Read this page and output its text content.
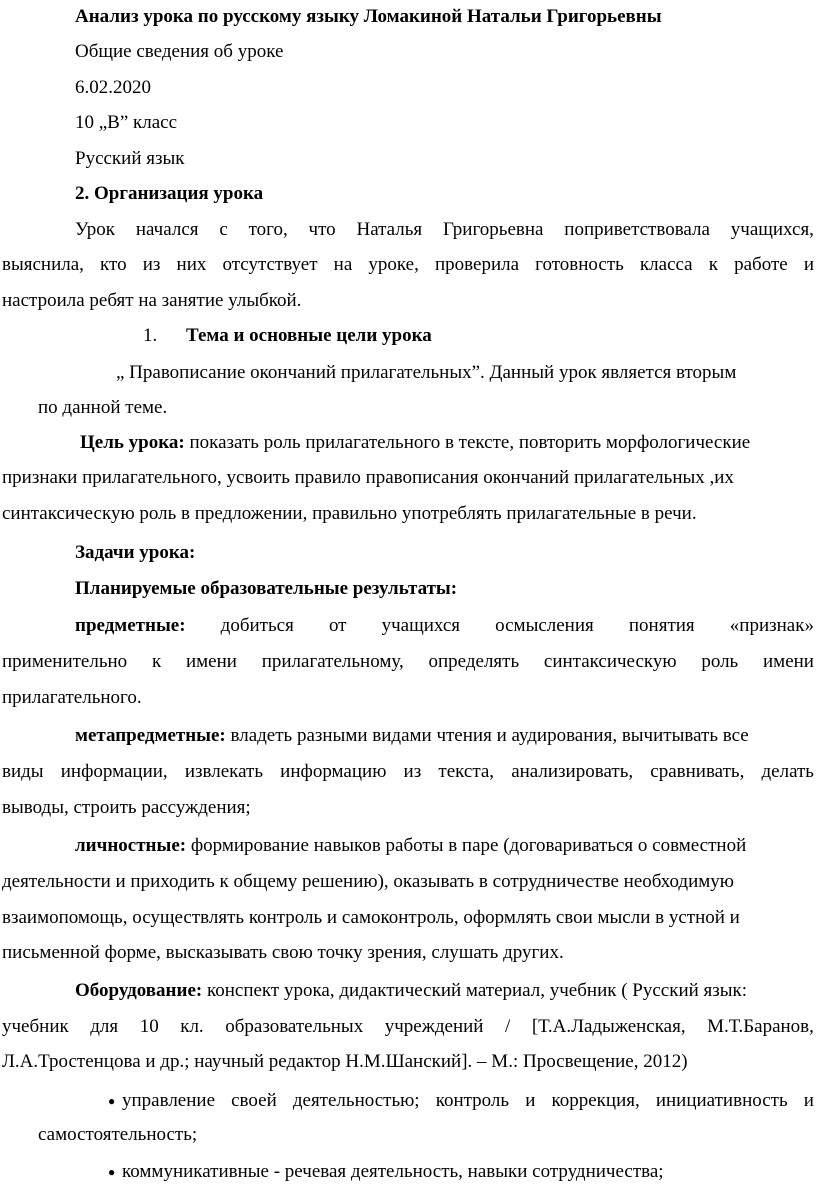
Анализ урока по русскому языку Ломакиной Натальи Григорьевны
Общие сведения об уроке
6.02.2020
10 „В” класс
Русский язык
2. Организация урока
Урок начался с того, что Наталья Григорьевна поприветствовала учащихся,
выяснила, кто из них отсутствует на уроке, проверила готовность класса к работе и
настроила ребят на занятие улыбкой.
1. Тема и основные цели урока
„ Правописание окончаний прилагательных”. Данный урок является вторым
по данной теме.
Цель урока: показать роль прилагательного в тексте, повторить морфологические
признаки прилагательного, усвоить правило правописания окончаний прилагательных ,их
синтаксическую роль в предложении, правильно употреблять прилагательные в речи.
Задачи урока:
Планируемые образовательные результаты:
предметные: добиться от учащихся осмысления понятия «признак»
применительно к имени прилагательному, определять синтаксическую роль имени
прилагательного.
метапредметные: владеть разными видами чтения и аудирования, вычитывать все
виды информации, извлекать информацию из текста, анализировать, сравнивать, делать
выводы, строить рассуждения;
личностные: формирование навыков работы в паре (договариваться о совместной
деятельности и приходить к общему решению), оказывать в сотрудничестве необходимую
взаимопомощь, осуществлять контроль и самоконтроль, оформлять свои мысли в устной и
письменной форме, высказывать свою точку зрения, слушать других.
Оборудование: конспект урока, дидактический материал, учебник ( Русский язык:
учебник для 10 кл. образовательных учреждений / [Т.А.Ладыженская, М.Т.Баранов,
Л.А.Тростенцова и др.; научный редактор Н.М.Шанский]. – М.: Просвещение, 2012)
● управление своей деятельностью; контроль и коррекция, инициативность и
самостоятельность;
● коммуникативные - речевая деятельность, навыки сотрудничества;
